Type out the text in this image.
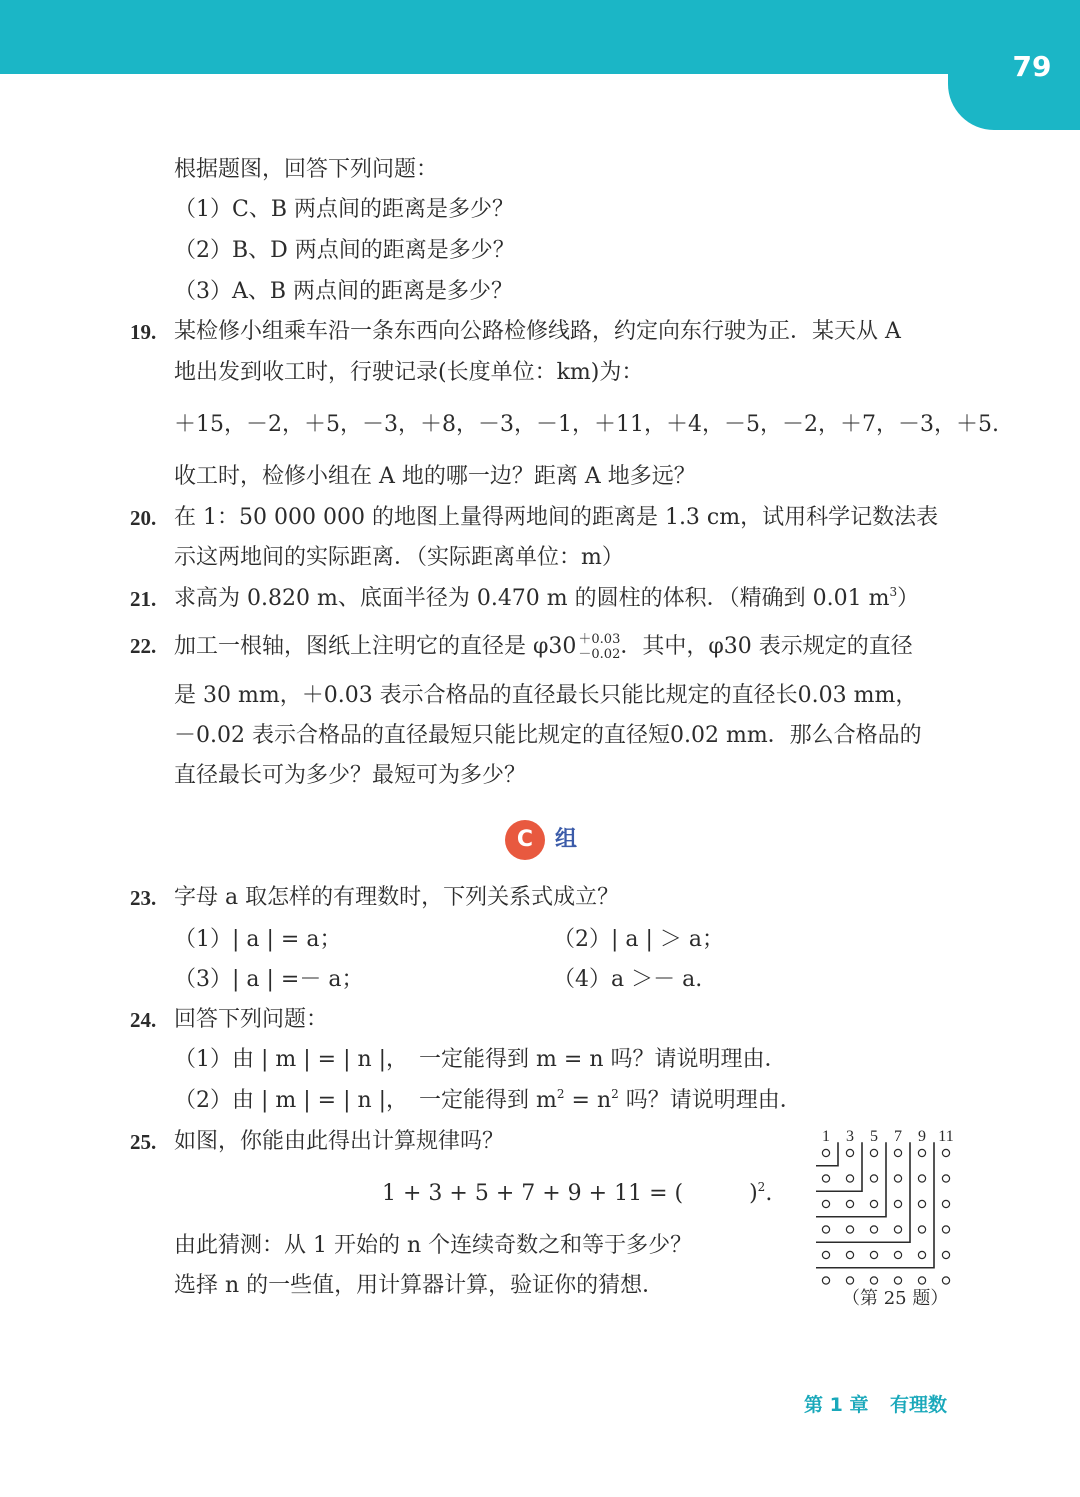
79
根据题图，回答下列问题：
（1）C、B 两点间的距离是多少？
（2）B、D 两点间的距离是多少？
（3）A、B 两点间的距离是多少？
19. 某检修小组乘车沿一条东西向公路检修线路，约定向东行驶为正．某天从 A
地出发到收工时，行驶记录(长度单位：km)为：
＋15，－2，＋5，－3，＋8，－3，－1，＋11，＋4，－5，－2，＋7，－3，＋5.
收工时，检修小组在 A 地的哪一边？距离 A 地多远？
20. 在 1：50 000 000 的地图上量得两地间的距离是 1.3 cm，试用科学记数法表
示这两地间的实际距离．（实际距离单位：m）
21. 求高为 0.820 m、底面半径为 0.470 m 的圆柱的体积．（精确到 0.01 $m^3$）
22. 加工一根轴，图纸上注明它的直径是 φ30 ＋0.03
－0.02 ．其中，φ30 表示规定的直径
是 30 mm，＋0.03 表示合格品的直径最长只能比规定的直径长0.03 mm，
－0.02 表示合格品的直径最短只能比规定的直径短0.02 mm．那么合格品的
直径最长可为多少？最短可为多少？
C 组
23. 字母 a 取怎样的有理数时，下列关系式成立？
（1）| a | = a；	（2）| a | ＞ a；
（3）| a | =－ a；	（4）a ＞－ a.
24. 回答下列问题：
（1）由 | m | = | n |，　一定能得到 m = n 吗？请说明理由．
（2）由 | m | = | n |，　一定能得到 $m^2 = n^2$ 吗？请说明理由．
25. 如图，你能由此得出计算规律吗？
1 + 3 + 5 + 7 + 9 + 11 = (　　　)$^2$.
由此猜测：从 1 开始的 n 个连续奇数之和等于多少？
选择 n 的一些值，用计算器计算，验证你的猜想．
1 3 5 7 9 11
（第 25 题）
第 1 章 有理数
